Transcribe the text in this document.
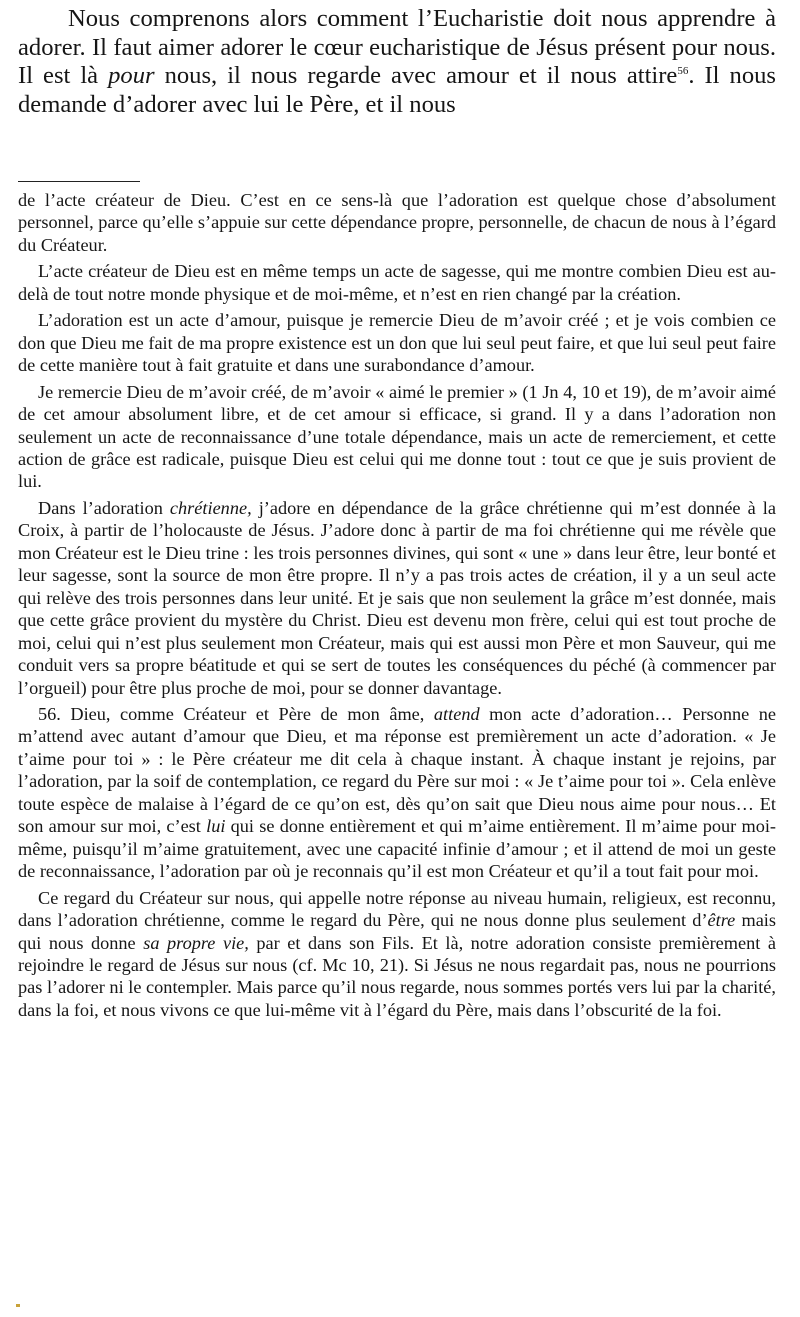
Nous comprenons alors comment l’Eucharistie doit nous apprendre à adorer. Il faut aimer adorer le cœur eucharistique de Jésus présent pour nous. Il est là pour nous, il nous regarde avec amour et il nous attire$^{56}$. Il nous demande d’adorer avec lui le Père, et il nous

de l’acte créateur de Dieu. C’est en ce sens-là que l’adoration est quelque chose d’absolument personnel, parce qu’elle s’appuie sur cette dépendance propre, personnelle, de chacun de nous à l’égard du Créateur.

L’acte créateur de Dieu est en même temps un acte de sagesse, qui me montre combien Dieu est au-delà de tout notre monde physique et de moi-même, et n’est en rien changé par la création.

L’adoration est un acte d’amour, puisque je remercie Dieu de m’avoir créé ; et je vois combien ce don que Dieu me fait de ma propre existence est un don que lui seul peut faire, et que lui seul peut faire de cette manière tout à fait gratuite et dans une surabondance d’amour.

Je remercie Dieu de m’avoir créé, de m’avoir « aimé le premier » (1 Jn 4, 10 et 19), de m’avoir aimé de cet amour absolument libre, et de cet amour si efficace, si grand. Il y a dans l’adoration non seulement un acte de reconnaissance d’une totale dépendance, mais un acte de remerciement, et cette action de grâce est radicale, puisque Dieu est celui qui me donne tout : tout ce que je suis provient de lui.

Dans l’adoration chrétienne, j’adore en dépendance de la grâce chrétienne qui m’est donnée à la Croix, à partir de l’holocauste de Jésus. J’adore donc à partir de ma foi chrétienne qui me révèle que mon Créateur est le Dieu trine : les trois personnes divines, qui sont « une » dans leur être, leur bonté et leur sagesse, sont la source de mon être propre. Il n’y a pas trois actes de création, il y a un seul acte qui relève des trois personnes dans leur unité. Et je sais que non seulement la grâce m’est donnée, mais que cette grâce provient du mystère du Christ. Dieu est devenu mon frère, celui qui est tout proche de moi, celui qui n’est plus seulement mon Créateur, mais qui est aussi mon Père et mon Sauveur, qui me conduit vers sa propre béatitude et qui se sert de toutes les conséquences du péché (à commencer par l’orgueil) pour être plus proche de moi, pour se donner davantage.

56. Dieu, comme Créateur et Père de mon âme, attend mon acte d’adoration… Personne ne m’attend avec autant d’amour que Dieu, et ma réponse est premièrement un acte d’adoration. « Je t’aime pour toi » : le Père créateur me dit cela à chaque instant. À chaque instant je rejoins, par l’adoration, par la soif de contemplation, ce regard du Père sur moi : « Je t’aime pour toi ». Cela enlève toute espèce de malaise à l’égard de ce qu’on est, dès qu’on sait que Dieu nous aime pour nous… Et son amour sur moi, c’est lui qui se donne entièrement et qui m’aime entièrement. Il m’aime pour moi-même, puisqu’il m’aime gratuitement, avec une capacité infinie d’amour ; et il attend de moi un geste de reconnaissance, l’adoration par où je reconnais qu’il est mon Créateur et qu’il a tout fait pour moi.

Ce regard du Créateur sur nous, qui appelle notre réponse au niveau humain, religieux, est reconnu, dans l’adoration chrétienne, comme le regard du Père, qui ne nous donne plus seulement d’être mais qui nous donne sa propre vie, par et dans son Fils. Et là, notre adoration consiste premièrement à rejoindre le regard de Jésus sur nous (cf. Mc 10, 21). Si Jésus ne nous regardait pas, nous ne pourrions pas l’adorer ni le contempler. Mais parce qu’il nous regarde, nous sommes portés vers lui par la charité, dans la foi, et nous vivons ce que lui-même vit à l’égard du Père, mais dans l’obscurité de la foi.
